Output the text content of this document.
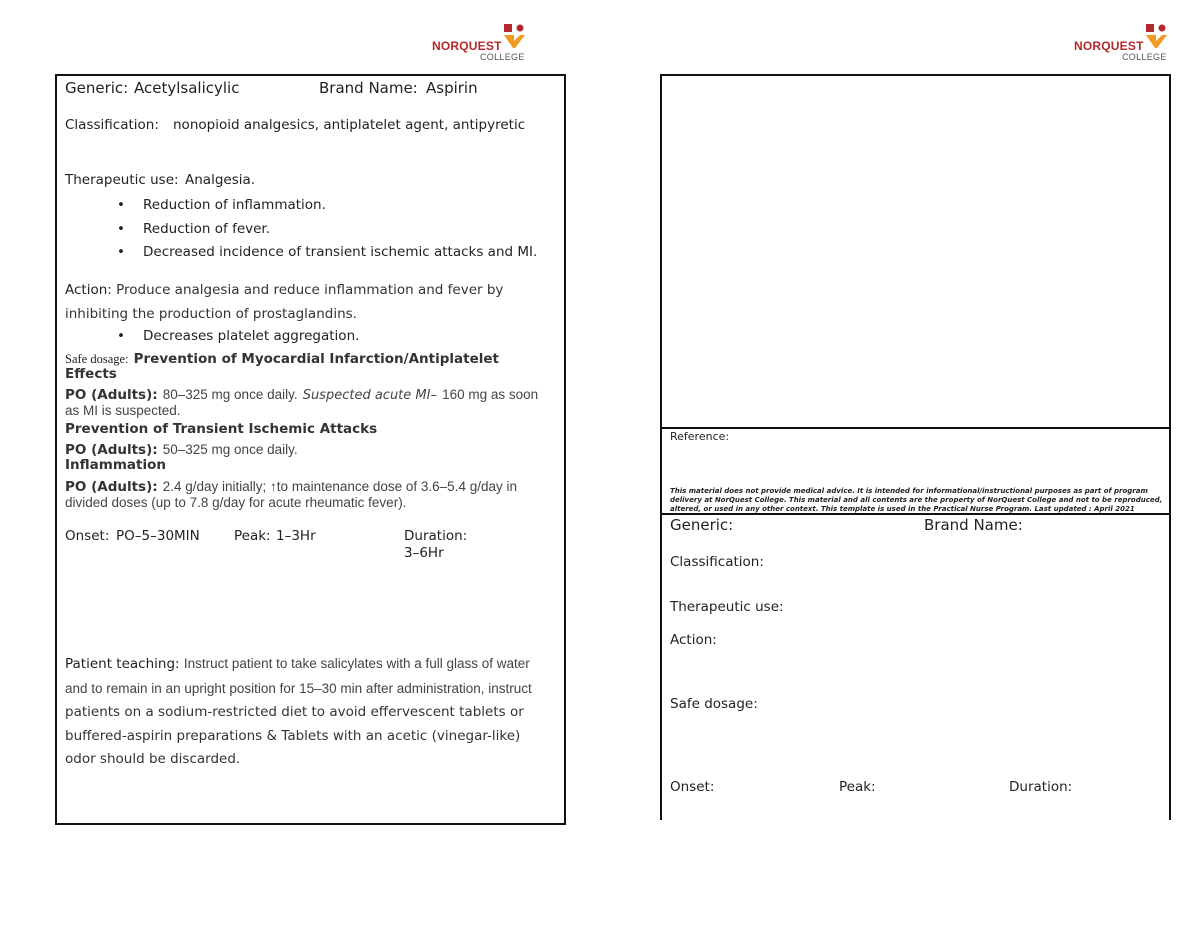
NORQUEST
COLLEGE
NORQUEST
COLLEGE
Generic: Acetylsalicylic	Brand Name: Aspirin
Classification: nonopioid analgesics, antiplatelet agent, antipyretic
Therapeutic use: Analgesia.
• Reduction of inflammation.
• Reduction of fever.
• Decreased incidence of transient ischemic attacks and MI.
Action: Produce analgesia and reduce inflammation and fever by
inhibiting the production of prostaglandins.
• Decreases platelet aggregation.
Safe dosage: Prevention of Myocardial Infarction/Antiplatelet
Effects
PO (Adults): 80–325 mg once daily. Suspected acute MI– 160 mg as soon
as MI is suspected.
Prevention of Transient Ischemic Attacks
PO (Adults): 50–325 mg once daily.
Inflammation
PO (Adults): 2.4 g/day initially; ↑to maintenance dose of 3.6–5.4 g/day in
divided doses (up to 7.8 g/day for acute rheumatic fever).
Onset: PO–5–30MIN	Peak: 1–3Hr	Duration:
3–6Hr
Patient teaching: Instruct patient to take salicylates with a full glass of water
and to remain in an upright position for 15–30 min after administration, instruct
patients on a sodium-restricted diet to avoid effervescent tablets or
buffered-aspirin preparations & Tablets with an acetic (vinegar-like)
odor should be discarded.
Reference:
This material does not provide medical advice. It is intended for informational/instructional purposes as part of program
delivery at NorQuest College. This material and all contents are the property of NorQuest College and not to be reproduced,
altered, or used in any other context. This template is used in the Practical Nurse Program. Last updated : April 2021
Generic:	Brand Name:
Classification:
Therapeutic use:
Action:
Safe dosage:
Onset:	Peak:	Duration:
